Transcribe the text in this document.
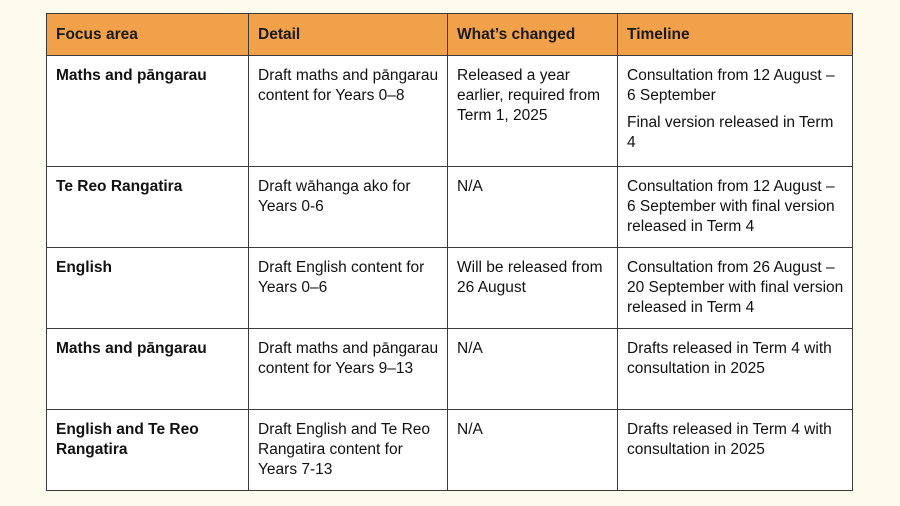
Focus area	Detail	What’s changed	Timeline
Maths and pāngarau	Draft maths and pāngarau content for Years 0–8	Released a year earlier, required from Term 1, 2025	Consultation from 12 August – 6 September
Final version released in Term 4

Te Reo Rangatira	Draft wāhanga ako for Years 0-6	N/A	Consultation from 12 August – 6 September with final version released in Term 4

English	Draft English content for Years 0–6	Will be released from 26 August	Consultation from 26 August – 20 September with final version released in Term 4

Maths and pāngarau	Draft maths and pāngarau content for Years 9–13	N/A	Drafts released in Term 4 with consultation in 2025

English and Te Reo Rangatira	Draft English and Te Reo Rangatira content for Years 7-13	N/A	Drafts released in Term 4 with consultation in 2025
